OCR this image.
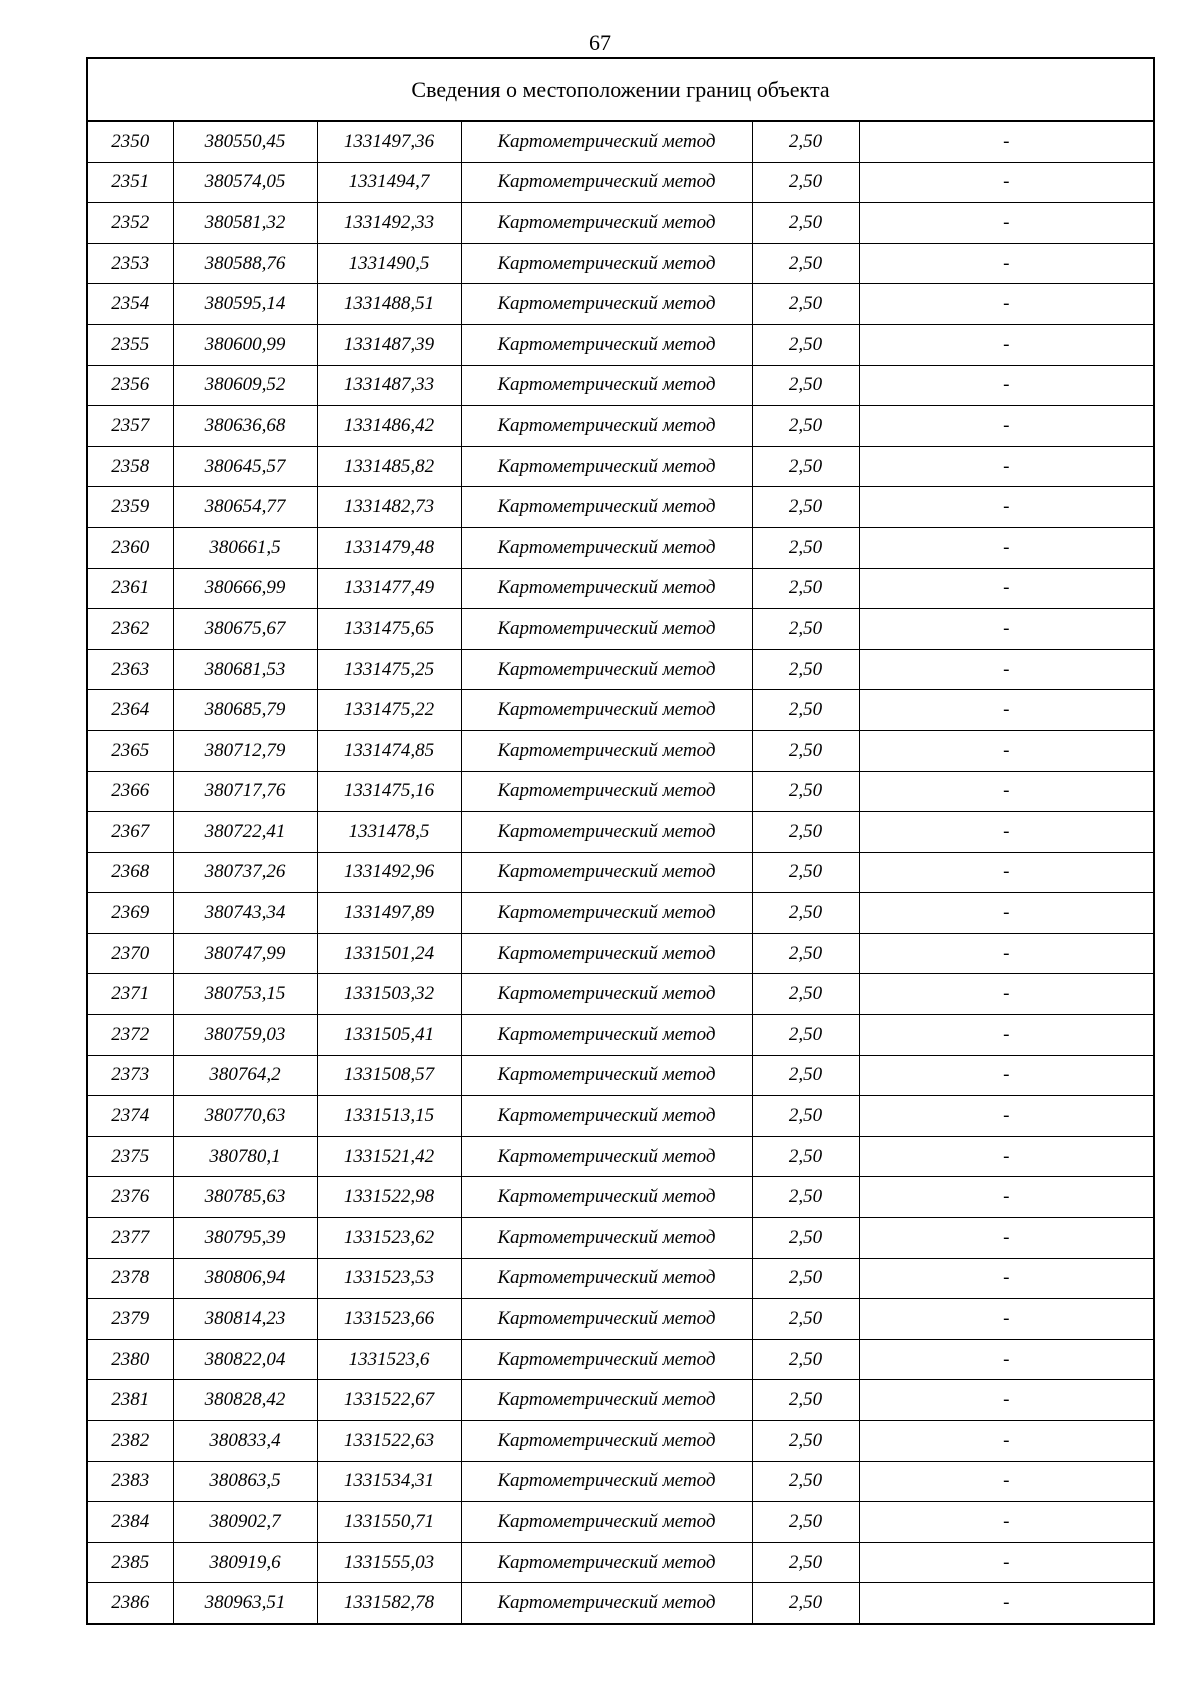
67
Сведения о местоположении границ объекта					
2350	380550,45	1331497,36	Картометрический метод	2,50	-
2351	380574,05	1331494,7	Картометрический метод	2,50	-
2352	380581,32	1331492,33	Картометрический метод	2,50	-
2353	380588,76	1331490,5	Картометрический метод	2,50	-
2354	380595,14	1331488,51	Картометрический метод	2,50	-
2355	380600,99	1331487,39	Картометрический метод	2,50	-
2356	380609,52	1331487,33	Картометрический метод	2,50	-
2357	380636,68	1331486,42	Картометрический метод	2,50	-
2358	380645,57	1331485,82	Картометрический метод	2,50	-
2359	380654,77	1331482,73	Картометрический метод	2,50	-
2360	380661,5	1331479,48	Картометрический метод	2,50	-
2361	380666,99	1331477,49	Картометрический метод	2,50	-
2362	380675,67	1331475,65	Картометрический метод	2,50	-
2363	380681,53	1331475,25	Картометрический метод	2,50	-
2364	380685,79	1331475,22	Картометрический метод	2,50	-
2365	380712,79	1331474,85	Картометрический метод	2,50	-
2366	380717,76	1331475,16	Картометрический метод	2,50	-
2367	380722,41	1331478,5	Картометрический метод	2,50	-
2368	380737,26	1331492,96	Картометрический метод	2,50	-
2369	380743,34	1331497,89	Картометрический метод	2,50	-
2370	380747,99	1331501,24	Картометрический метод	2,50	-
2371	380753,15	1331503,32	Картометрический метод	2,50	-
2372	380759,03	1331505,41	Картометрический метод	2,50	-
2373	380764,2	1331508,57	Картометрический метод	2,50	-
2374	380770,63	1331513,15	Картометрический метод	2,50	-
2375	380780,1	1331521,42	Картометрический метод	2,50	-
2376	380785,63	1331522,98	Картометрический метод	2,50	-
2377	380795,39	1331523,62	Картометрический метод	2,50	-
2378	380806,94	1331523,53	Картометрический метод	2,50	-
2379	380814,23	1331523,66	Картометрический метод	2,50	-
2380	380822,04	1331523,6	Картометрический метод	2,50	-
2381	380828,42	1331522,67	Картометрический метод	2,50	-
2382	380833,4	1331522,63	Картометрический метод	2,50	-
2383	380863,5	1331534,31	Картометрический метод	2,50	-
2384	380902,7	1331550,71	Картометрический метод	2,50	-
2385	380919,6	1331555,03	Картометрический метод	2,50	-
2386	380963,51	1331582,78	Картометрический метод	2,50	-
